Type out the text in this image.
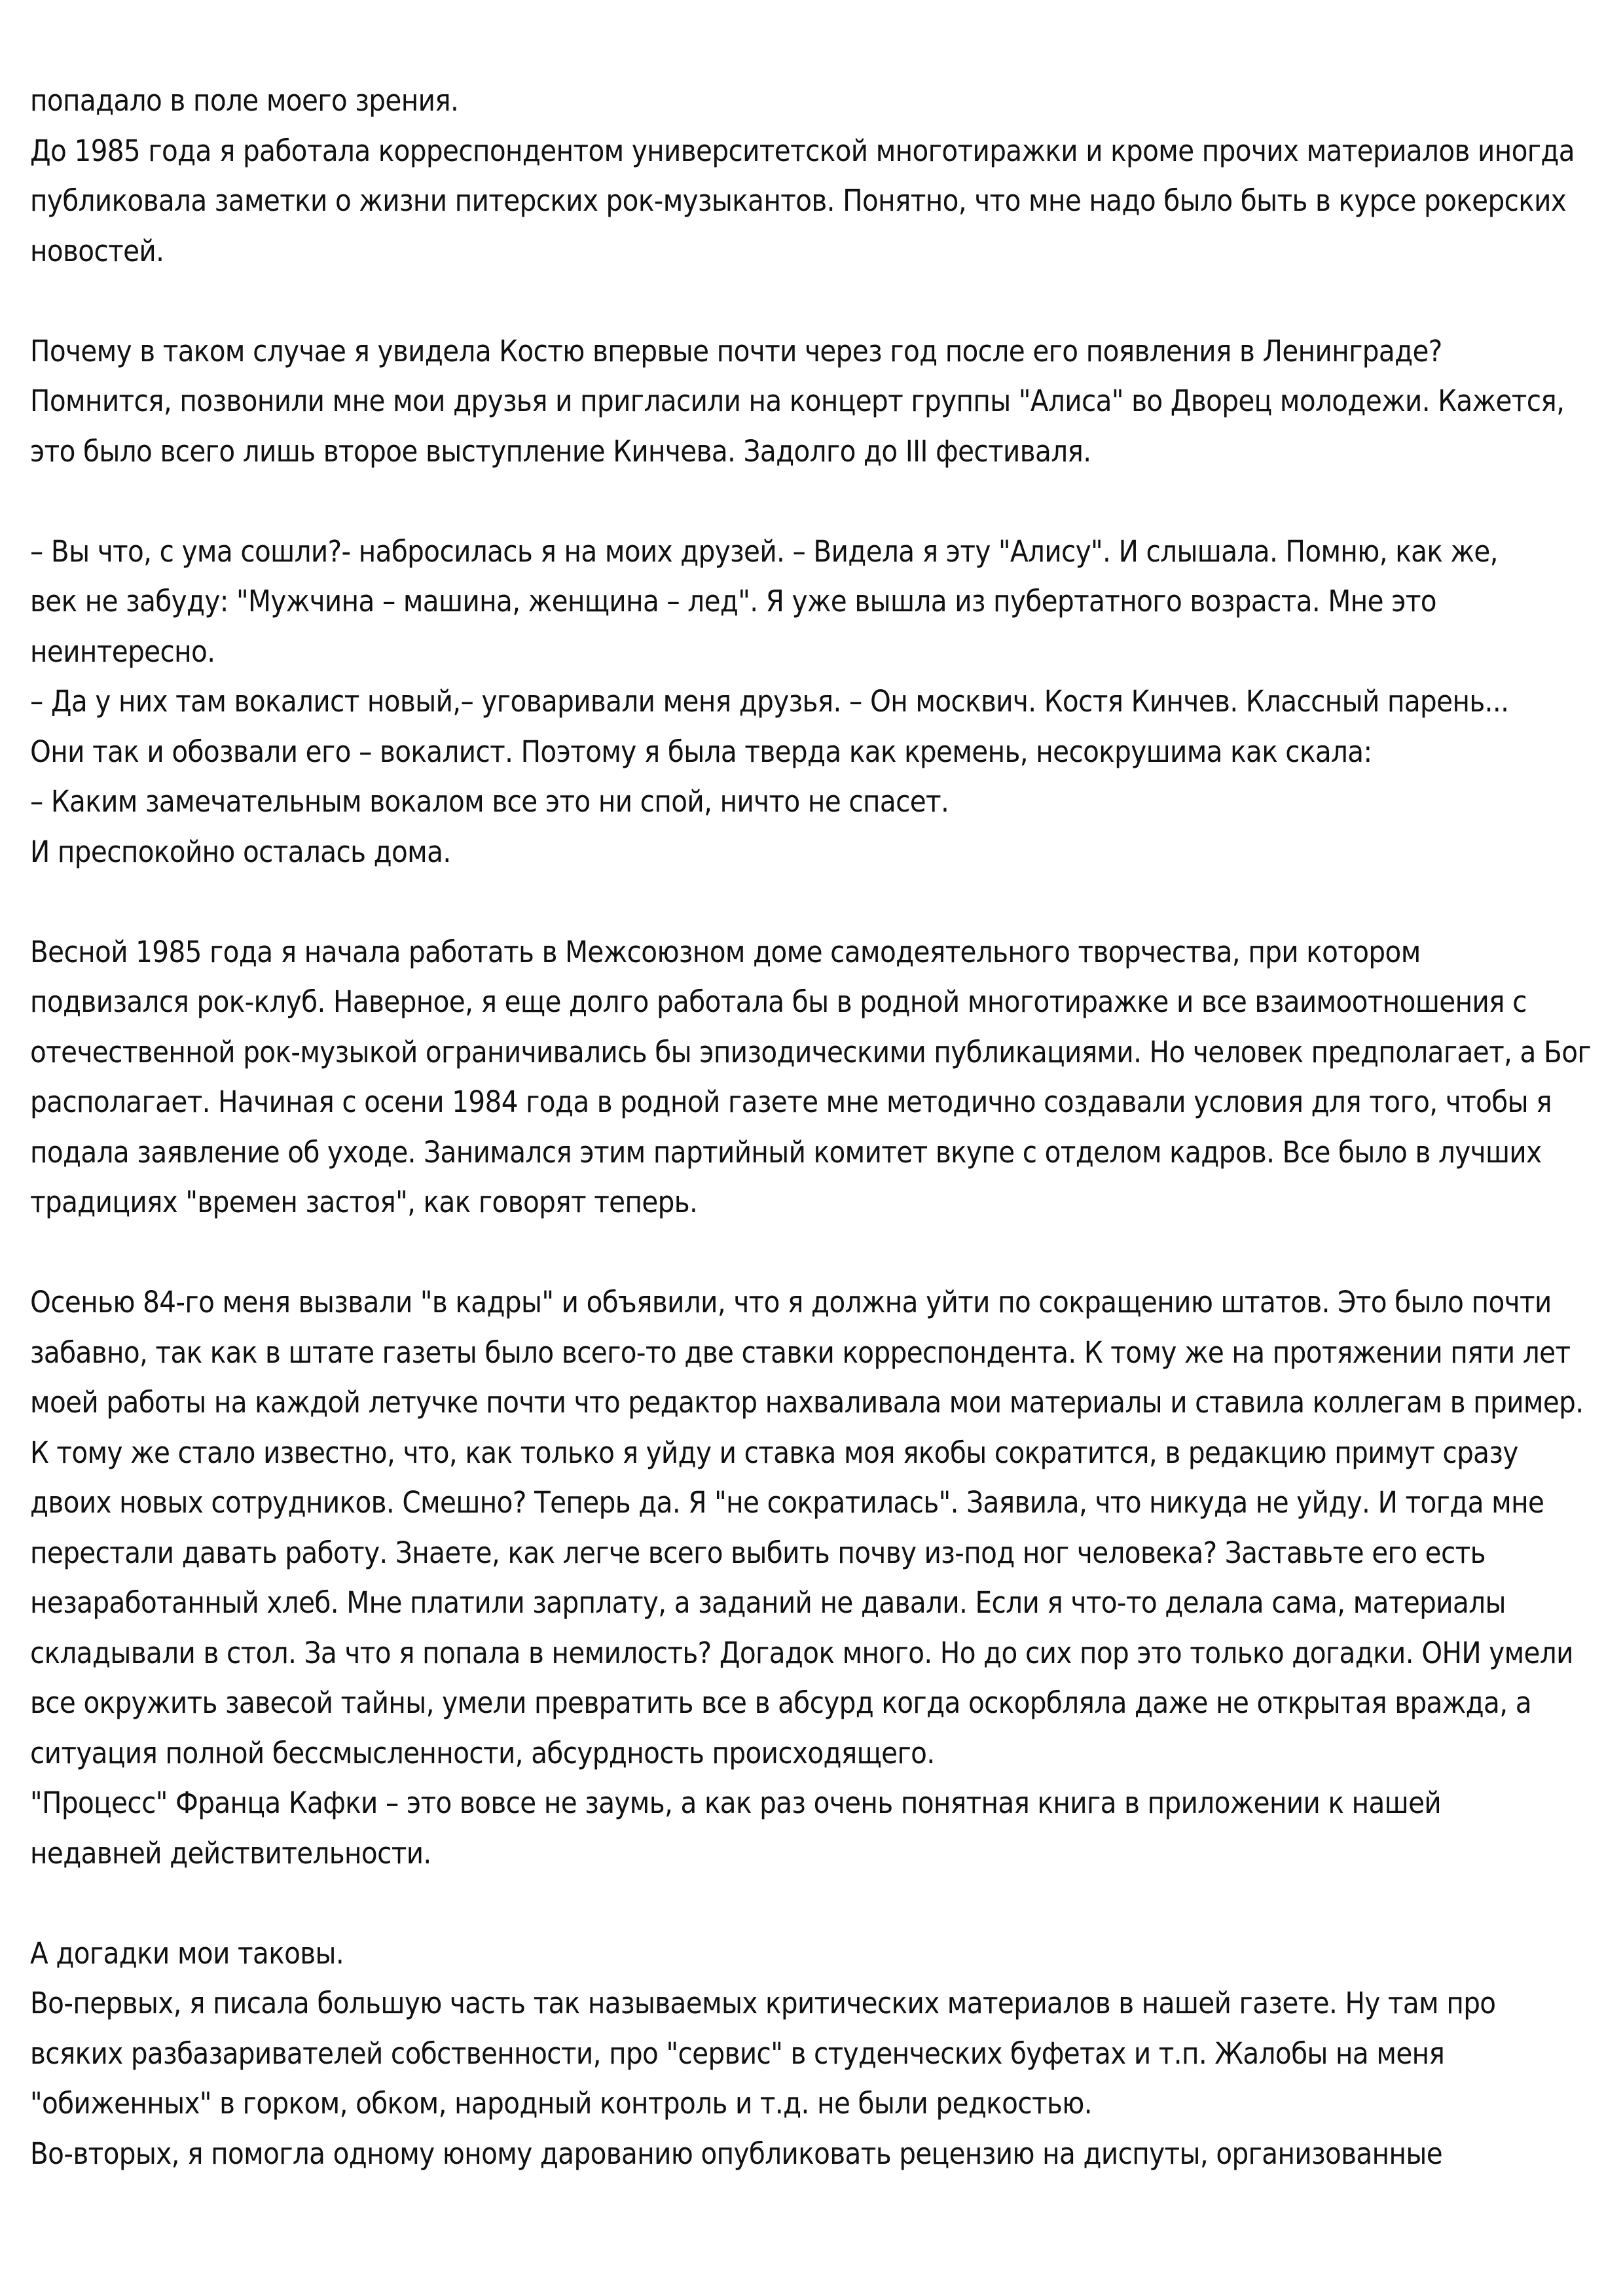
попадало в поле моего зрения.
До 1985 года я работала корреспондентом университетской многотиражки и кроме прочих материалов иногда
публиковала заметки о жизни питерских рок-музыкантов. Понятно, что мне надо было быть в курсе рокерских
новостей.
Почему в таком случае я увидела Костю впервые почти через год после его появления в Ленинграде?
Помнится, позвонили мне мои друзья и пригласили на концерт группы "Алиса" во Дворец молодежи. Кажется,
это было всего лишь второе выступление Кинчева. Задолго до III фестиваля.
– Вы что, с ума сошли?- набросилась я на моих друзей. – Видела я эту "Алису". И слышала. Помню, как же,
век не забуду: "Мужчина – машина, женщина – лед". Я уже вышла из пубертатного возраста. Мне это
неинтересно.
– Да у них там вокалист новый,– уговаривали меня друзья. – Он москвич. Костя Кинчев. Классный парень...
Они так и обозвали его – вокалист. Поэтому я была тверда как кремень, несокрушима как скала:
– Каким замечательным вокалом все это ни спой, ничто не спасет.
И преспокойно осталась дома.
Весной 1985 года я начала работать в Межсоюзном доме самодеятельного творчества, при котором
подвизался рок-клуб. Наверное, я еще долго работала бы в родной многотиражке и все взаимоотношения с
отечественной рок-музыкой ограничивались бы эпизодическими публикациями. Но человек предполагает, а Бог
располагает. Начиная с осени 1984 года в родной газете мне методично создавали условия для того, чтобы я
подала заявление об уходе. Занимался этим партийный комитет вкупе с отделом кадров. Все было в лучших
традициях "времен застоя", как говорят теперь.
Осенью 84-го меня вызвали "в кадры" и объявили, что я должна уйти по сокращению штатов. Это было почти
забавно, так как в штате газеты было всего-то две ставки корреспондента. К тому же на протяжении пяти лет
моей работы на каждой летучке почти что редактор нахваливала мои материалы и ставила коллегам в пример.
К тому же стало известно, что, как только я уйду и ставка моя якобы сократится, в редакцию примут сразу
двоих новых сотрудников. Смешно? Теперь да. Я "не сократилась". Заявила, что никуда не уйду. И тогда мне
перестали давать работу. Знаете, как легче всего выбить почву из-под ног человека? Заставьте его есть
незаработанный хлеб. Мне платили зарплату, а заданий не давали. Если я что-то делала сама, материалы
складывали в стол. За что я попала в немилость? Догадок много. Но до сих пор это только догадки. ОНИ умели
все окружить завесой тайны, умели превратить все в абсурд когда оскорбляла даже не открытая вражда, а
ситуация полной бессмысленности, абсурдность происходящего.
"Процесс" Франца Кафки – это вовсе не заумь, а как раз очень понятная книга в приложении к нашей
недавней действительности.
А догадки мои таковы.
Во-первых, я писала большую часть так называемых критических материалов в нашей газете. Ну там про
всяких разбазаривателей собственности, про "сервис" в студенческих буфетах и т.п. Жалобы на меня
"обиженных" в горком, обком, народный контроль и т.д. не были редкостью.
Во-вторых, я помогла одному юному дарованию опубликовать рецензию на диспуты, организованные
